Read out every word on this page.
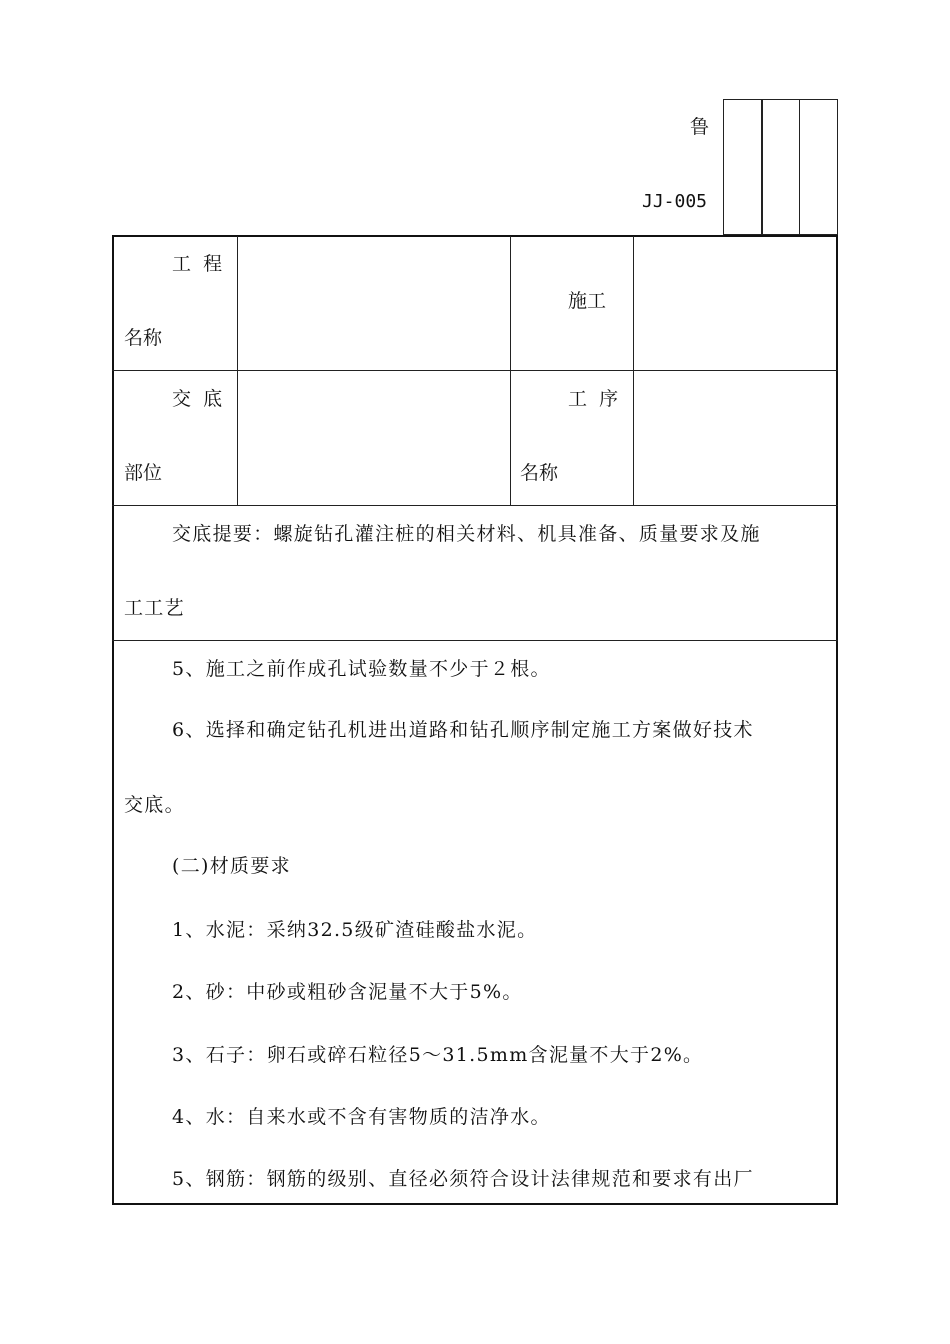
鲁
JJ-005
工  程
名称
施工
交  底
部位
工  序
名称
交底提要：螺旋钻孔灌注桩的相关材料、机具准备、质量要求及施
工工艺
5、施工之前作成孔试验数量不少于２根。
6、选择和确定钻孔机进出道路和钻孔顺序制定施工方案做好技术
交底。
(二)材质要求
1、水泥：采纳32.5级矿渣硅酸盐水泥。
2、砂：中砂或粗砂含泥量不大于5%。
3、石子：卵石或碎石粒径5～31.5mm含泥量不大于2%。
4、水：自来水或不含有害物质的洁净水。
5、钢筋：钢筋的级别、直径必须符合设计法律规范和要求有出厂
